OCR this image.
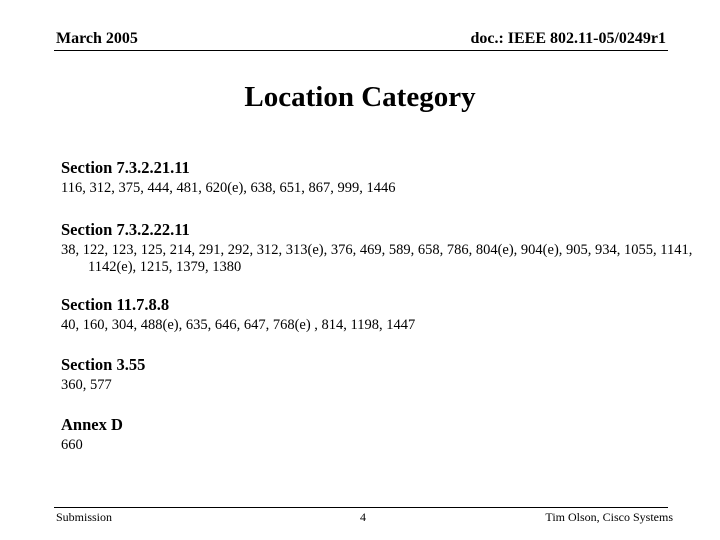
March 2005	doc.: IEEE 802.11-05/0249r1
Location Category
Section 7.3.2.21.11
116, 312, 375, 444, 481, 620(e), 638, 651, 867, 999, 1446
Section 7.3.2.22.11
38, 122, 123, 125, 214, 291, 292, 312, 313(e), 376, 469, 589, 658, 786, 804(e), 904(e), 905, 934, 1055, 1141, 1142(e), 1215, 1379, 1380
Section 11.7.8.8
40, 160, 304, 488(e), 635, 646, 647, 768(e) , 814, 1198, 1447
Section 3.55
360, 577
Annex D
660
Submission	4	Tim Olson, Cisco Systems
